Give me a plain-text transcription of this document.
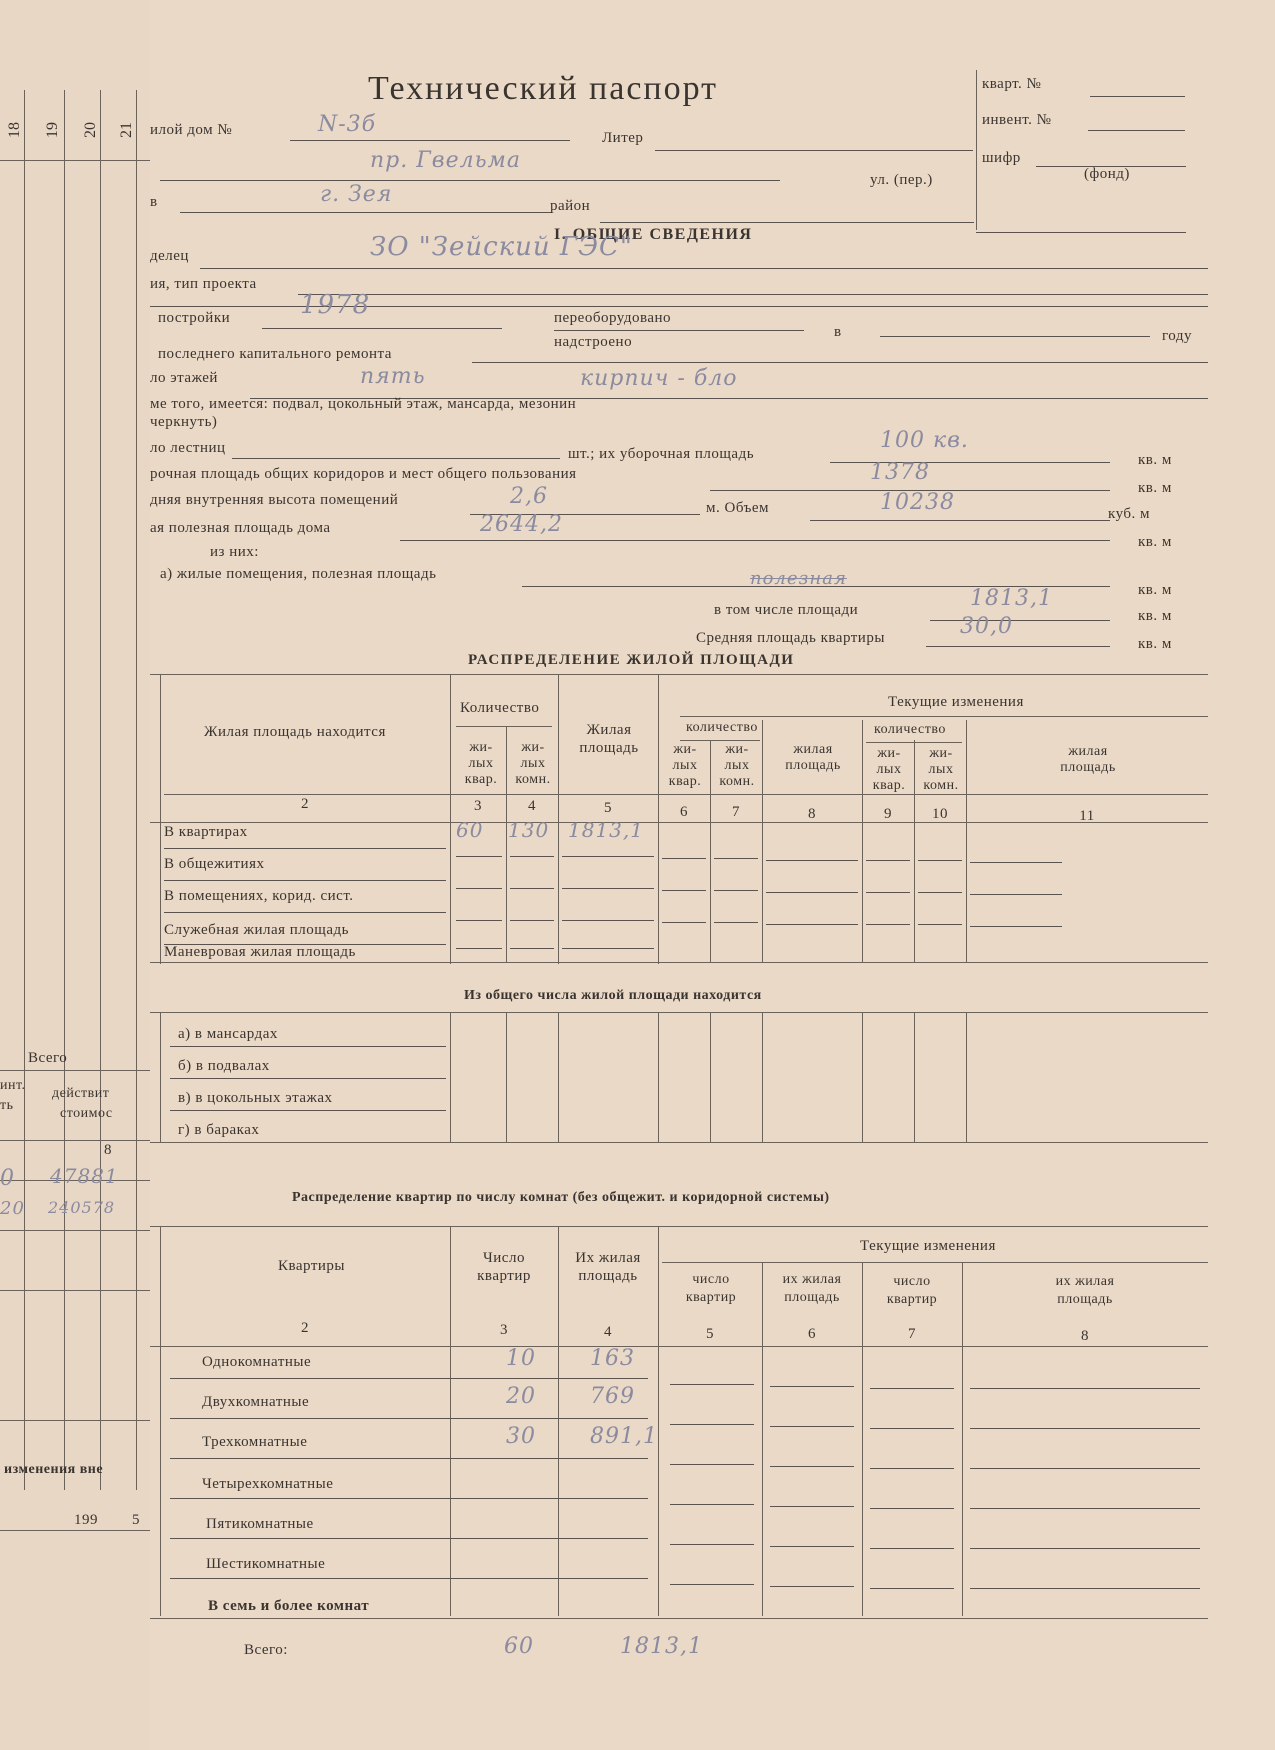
18 19 20 21
Всего
инт.
ть
действит
стоимос
8
0 47881
20 240578
изменения вне
199 5
Технический паспорт	кварт. №
инвент. №
шифр
(фонд)
илой дом №	N-3б
Литер
пр. Гвельма
ул. (пер.)
в	г. Зея	район
I. ОБЩИЕ СВЕДЕНИЯ
делец	ЗО "Зейский ГЭС"
ия, тип проекта
постройки	1978	переоборудовано
надстроено
в	году
последнего капитального ремонта
ло этажей	пять	кирпич - бло
ме того, имеется: подвал, цокольный этаж, мансарда, мезонин
черкнуть)
ло лестниц	шт.; их уборочная площадь
100 кв.
кв. м
рочная площадь общих коридоров и мест общего пользования	1378
кв. м
дняя внутренняя высота помещений	2,6	м. Объем	10238	куб. м
ая полезная площадь дома	2644,2
кв. м
из них:
а) жилые помещения, полезная площадь	полезная
кв. м
в том числе площади	1813,1
кв. м
Средняя площадь квартиры	30,0
кв. м
РАСПРЕДЕЛЕНИЕ ЖИЛОЙ ПЛОЩАДИ
Жилая площадь находится
Количество
жи-
лых
квар.
жи-
лых
комн.
Жилая
площадь
Текущие изменения
количество	количество
жи-
лых
квар.
жи-
лых
комн.
жилая
площадь
жи-
лых
квар.
жи-
лых
комн.
жилая
площадь
2	3	4	5	6	7	8	9	10	11
В квартирах	60 130 1813,1
В общежитиях
В помещениях, корид. сист.
Служебная жилая площадь
Маневровая жилая площадь
Из общего числа жилой площади находится
а) в мансардах
б) в подвалах
в) в цокольных этажах
г) в бараках
Распределение квартир по числу комнат (без общежит. и коридорной системы)
Квартиры	Число
квартир
Их жилая
площадь
Текущие изменения
число
квартир
их жилая
площадь
число
квартир
их жилая
площадь
2	3	4	5	6	7	8
Однокомнатные	10 163
Двухкомнатные	20 769
Трехкомнатные	30 891,1
Четырехкомнатные
Пятикомнатные
Шестикомнатные
В семь и более комнат
Всего:	60	1813,1
